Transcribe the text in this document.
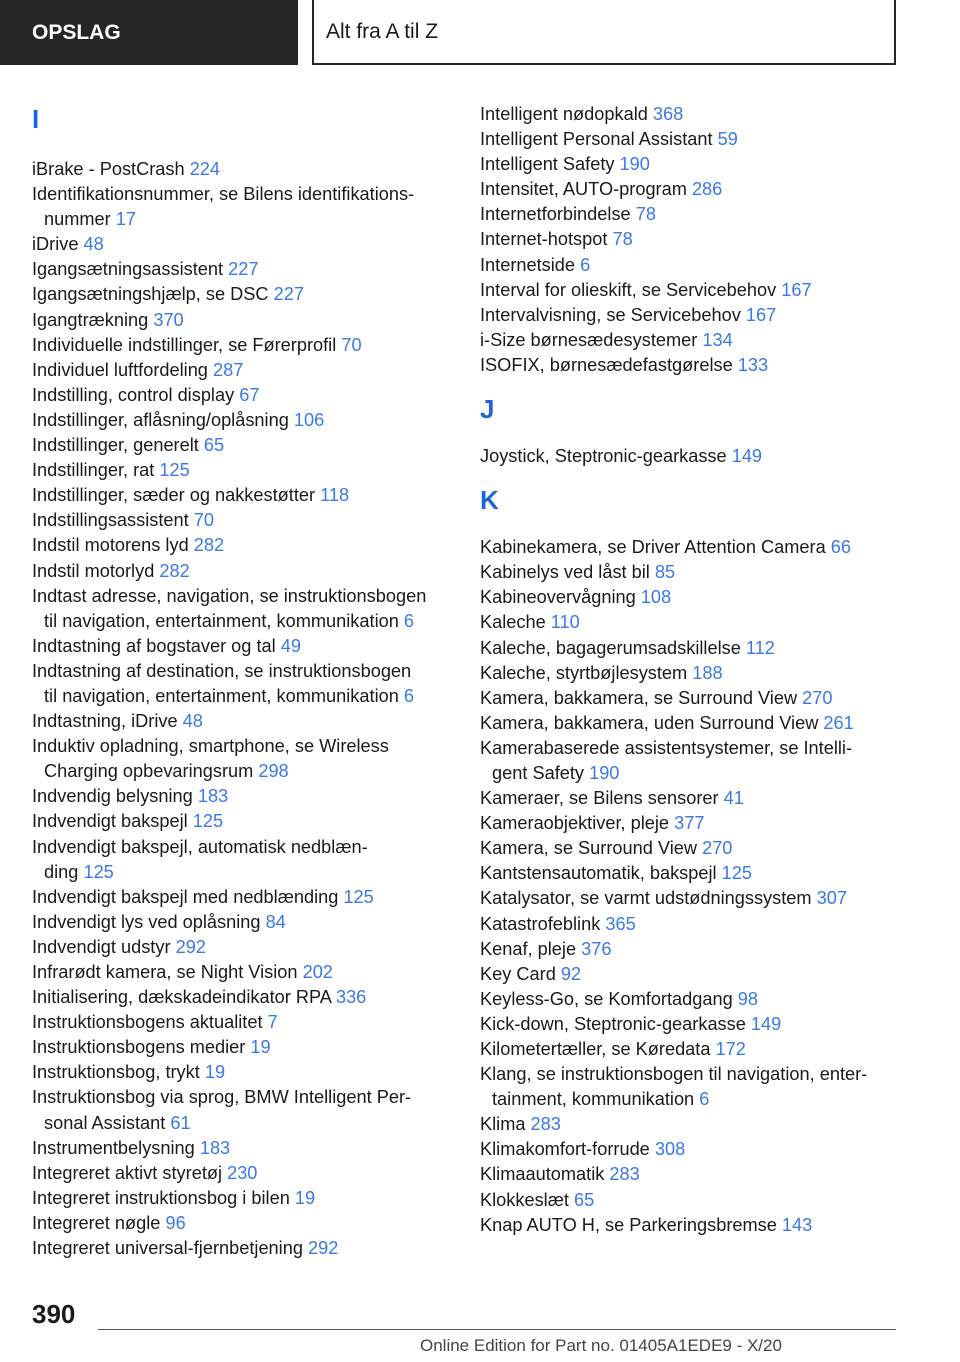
OPSLAG	Alt fra A til Z
I
iBrake - PostCrash 224
Identifikationsnummer, se Bilens identifikations-
nummer 17
iDrive 48
Igangsætningsassistent 227
Igangsætningshjælp, se DSC 227
Igangtrækning 370
Individuelle indstillinger, se Førerprofil 70
Individuel luftfordeling 287
Indstilling, control display 67
Indstillinger, aflåsning/oplåsning 106
Indstillinger, generelt 65
Indstillinger, rat 125
Indstillinger, sæder og nakkestøtter 118
Indstillingsassistent 70
Indstil motorens lyd 282
Indstil motorlyd 282
Indtast adresse, navigation, se instruktionsbogen
til navigation, entertainment, kommunikation 6
Indtastning af bogstaver og tal 49
Indtastning af destination, se instruktionsbogen
til navigation, entertainment, kommunikation 6
Indtastning, iDrive 48
Induktiv opladning, smartphone, se Wireless
Charging opbevaringsrum 298
Indvendig belysning 183
Indvendigt bakspejl 125
Indvendigt bakspejl, automatisk nedblæn-
ding 125
Indvendigt bakspejl med nedblænding 125
Indvendigt lys ved oplåsning 84
Indvendigt udstyr 292
Infrarødt kamera, se Night Vision 202
Initialisering, dækskadeindikator RPA 336
Instruktionsbogens aktualitet 7
Instruktionsbogens medier 19
Instruktionsbog, trykt 19
Instruktionsbog via sprog, BMW Intelligent Per-
sonal Assistant 61
Instrumentbelysning 183
Integreret aktivt styretøj 230
Integreret instruktionsbog i bilen 19
Integreret nøgle 96
Integreret universal-fjernbetjening 292
Intelligent nødopkald 368
Intelligent Personal Assistant 59
Intelligent Safety 190
Intensitet, AUTO-program 286
Internetforbindelse 78
Internet-hotspot 78
Internetside 6
Interval for olieskift, se Servicebehov 167
Intervalvisning, se Servicebehov 167
i-Size børnesædesystemer 134
ISOFIX, børnesædefastgørelse 133
J
Joystick, Steptronic-gearkasse 149
K
Kabinekamera, se Driver Attention Camera 66
Kabinelys ved låst bil 85
Kabineovervågning 108
Kaleche 110
Kaleche, bagagerumsadskillelse 112
Kaleche, styrtbøjlesystem 188
Kamera, bakkamera, se Surround View 270
Kamera, bakkamera, uden Surround View 261
Kamerabaserede assistentsystemer, se Intelli-
gent Safety 190
Kameraer, se Bilens sensorer 41
Kameraobjektiver, pleje 377
Kamera, se Surround View 270
Kantstensautomatik, bakspejl 125
Katalysator, se varmt udstødningssystem 307
Katastrofeblink 365
Kenaf, pleje 376
Key Card 92
Keyless-Go, se Komfortadgang 98
Kick-down, Steptronic-gearkasse 149
Kilometertæller, se Køredata 172
Klang, se instruktionsbogen til navigation, enter-
tainment, kommunikation 6
Klima 283
Klimakomfort-forrude 308
Klimaautomatik 283
Klokkeslæt 65
Knap AUTO H, se Parkeringsbremse 143
390
Online Edition for Part no. 01405A1EDE9 - X/20
